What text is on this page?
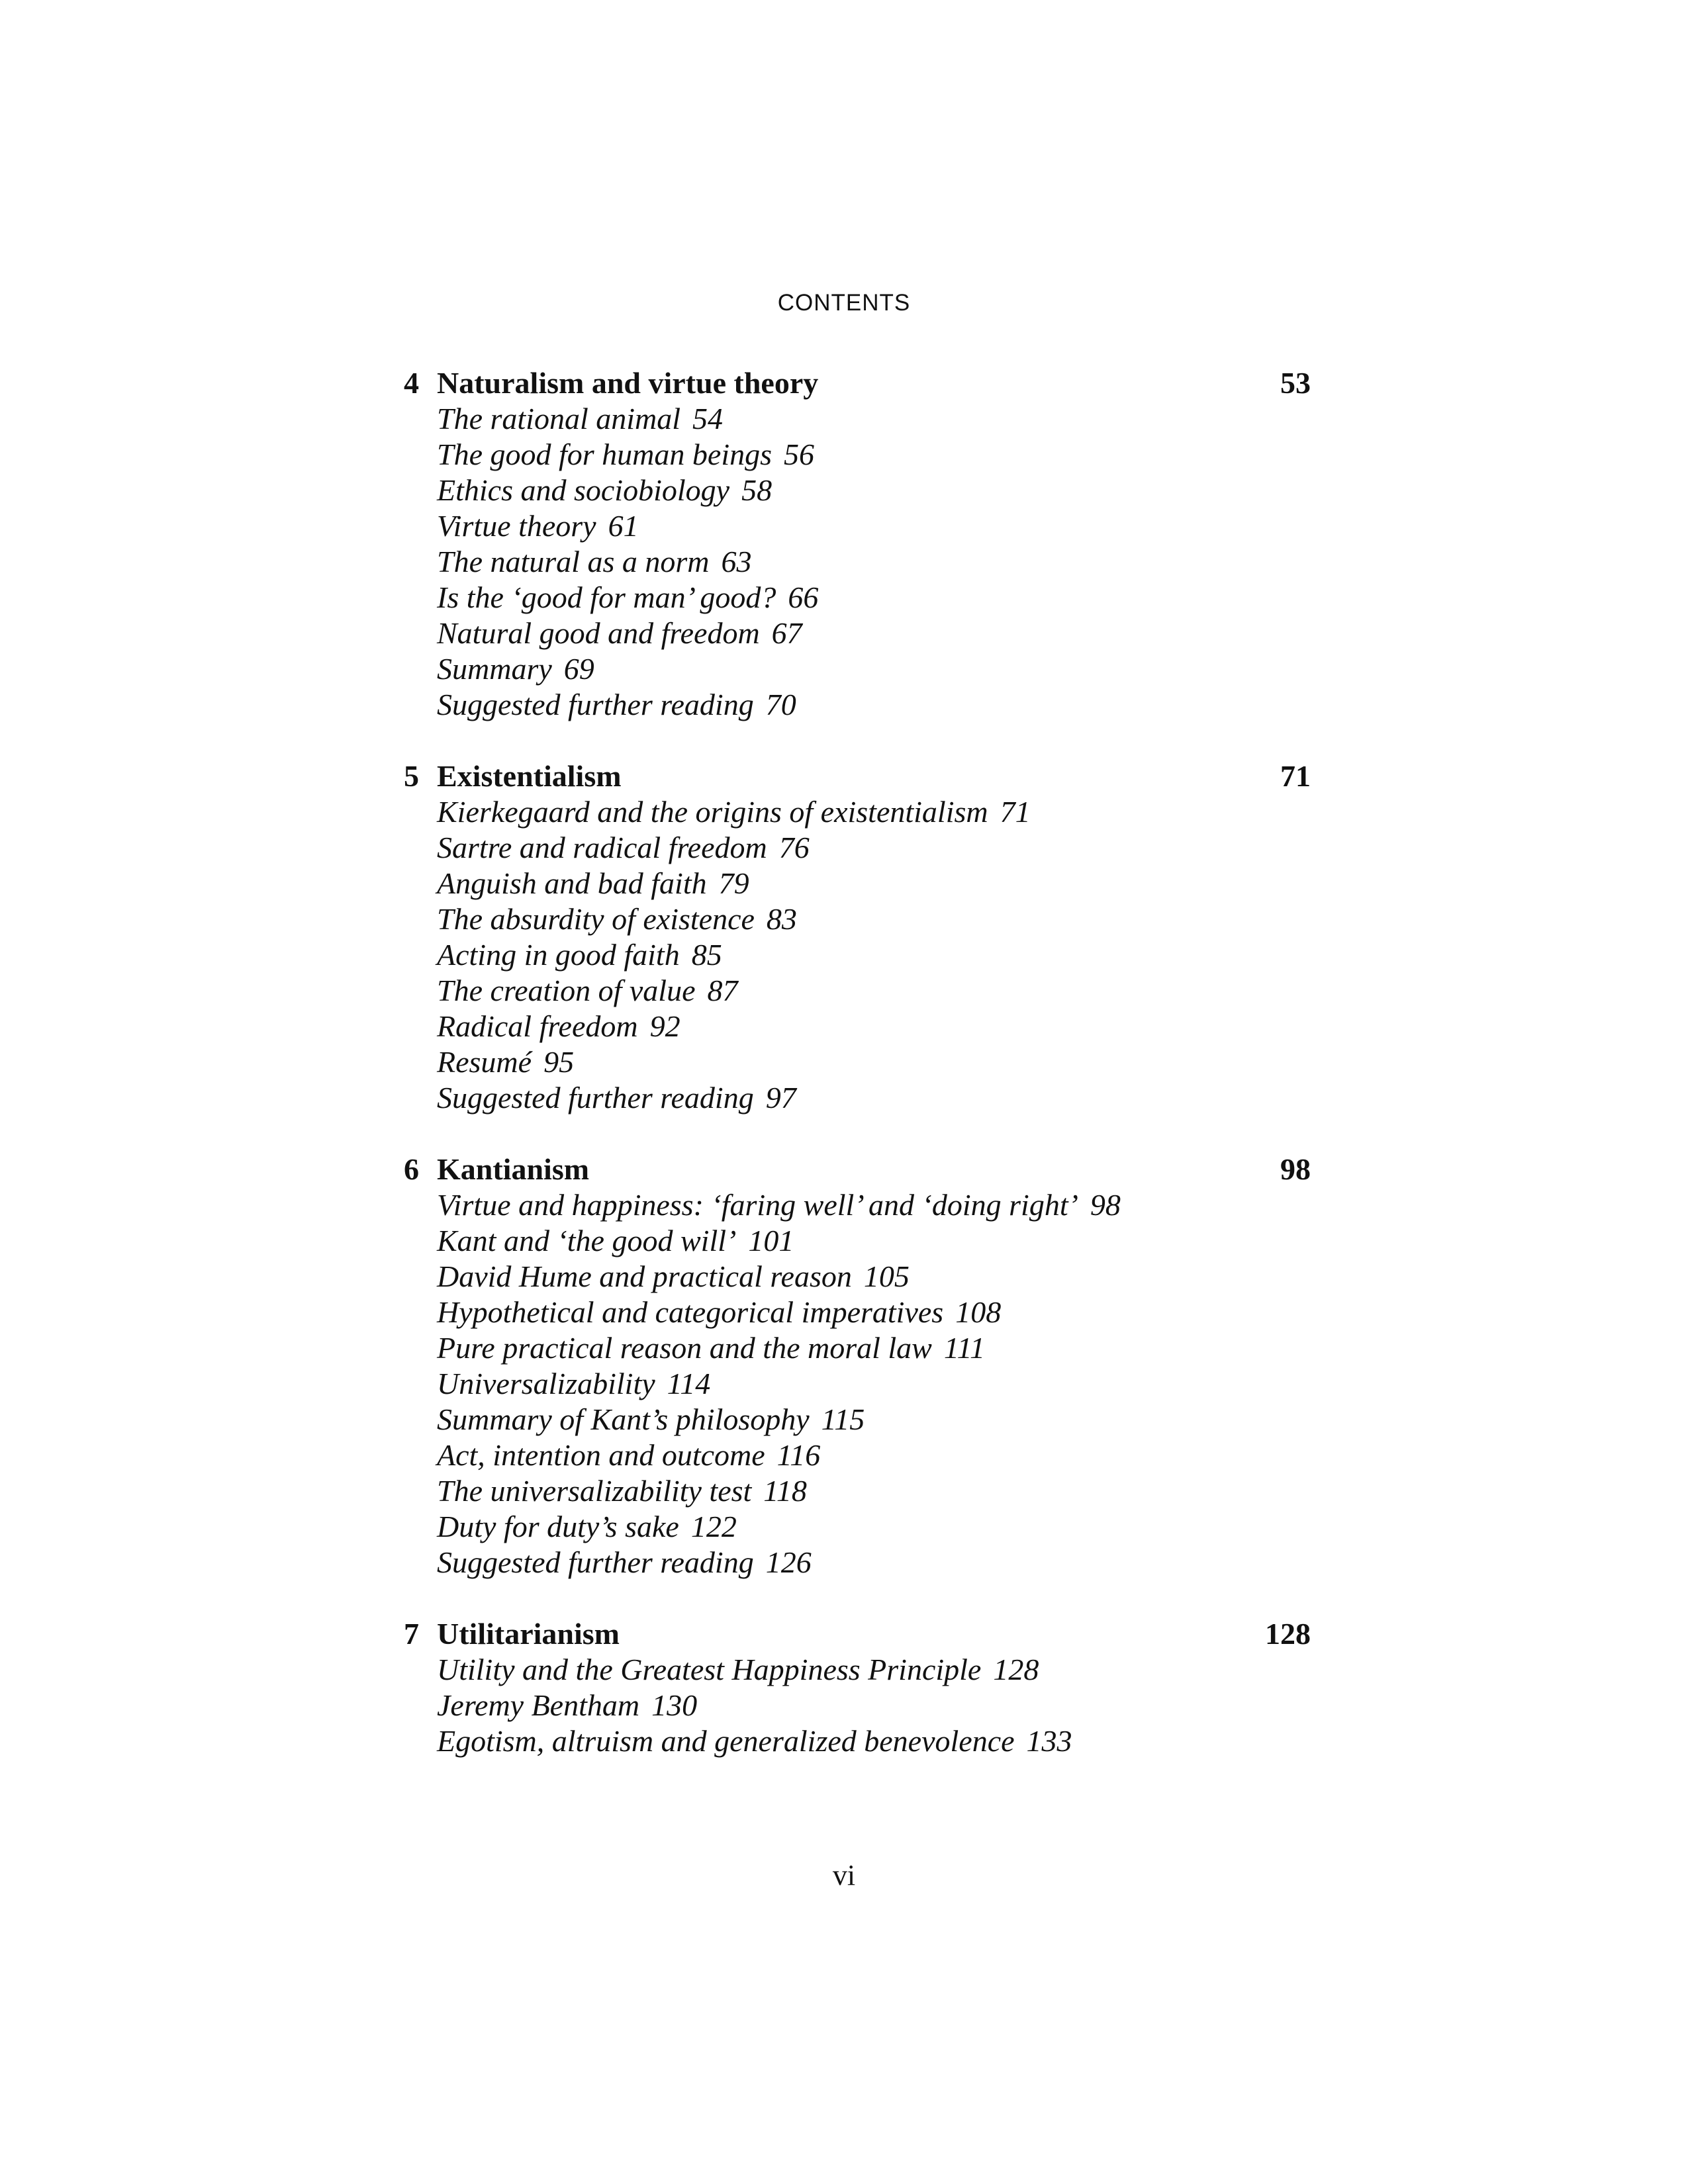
CONTENTS
4 Naturalism and virtue theory	53
The rational animal 54
The good for human beings 56
Ethics and sociobiology 58
Virtue theory 61
The natural as a norm 63
Is the ‘good for man’ good? 66
Natural good and freedom 67
Summary 69
Suggested further reading 70
5 Existentialism	71
Kierkegaard and the origins of existentialism 71
Sartre and radical freedom 76
Anguish and bad faith 79
The absurdity of existence 83
Acting in good faith 85
The creation of value 87
Radical freedom 92
Resumé 95
Suggested further reading 97
6 Kantianism	98
Virtue and happiness: ‘faring well’ and ‘doing right’ 98
Kant and ‘the good will’ 101
David Hume and practical reason 105
Hypothetical and categorical imperatives 108
Pure practical reason and the moral law 111
Universalizability 114
Summary of Kant’s philosophy 115
Act, intention and outcome 116
The universalizability test 118
Duty for duty’s sake 122
Suggested further reading 126
7 Utilitarianism	128
Utility and the Greatest Happiness Principle 128
Jeremy Bentham 130
Egotism, altruism and generalized benevolence 133
vi
